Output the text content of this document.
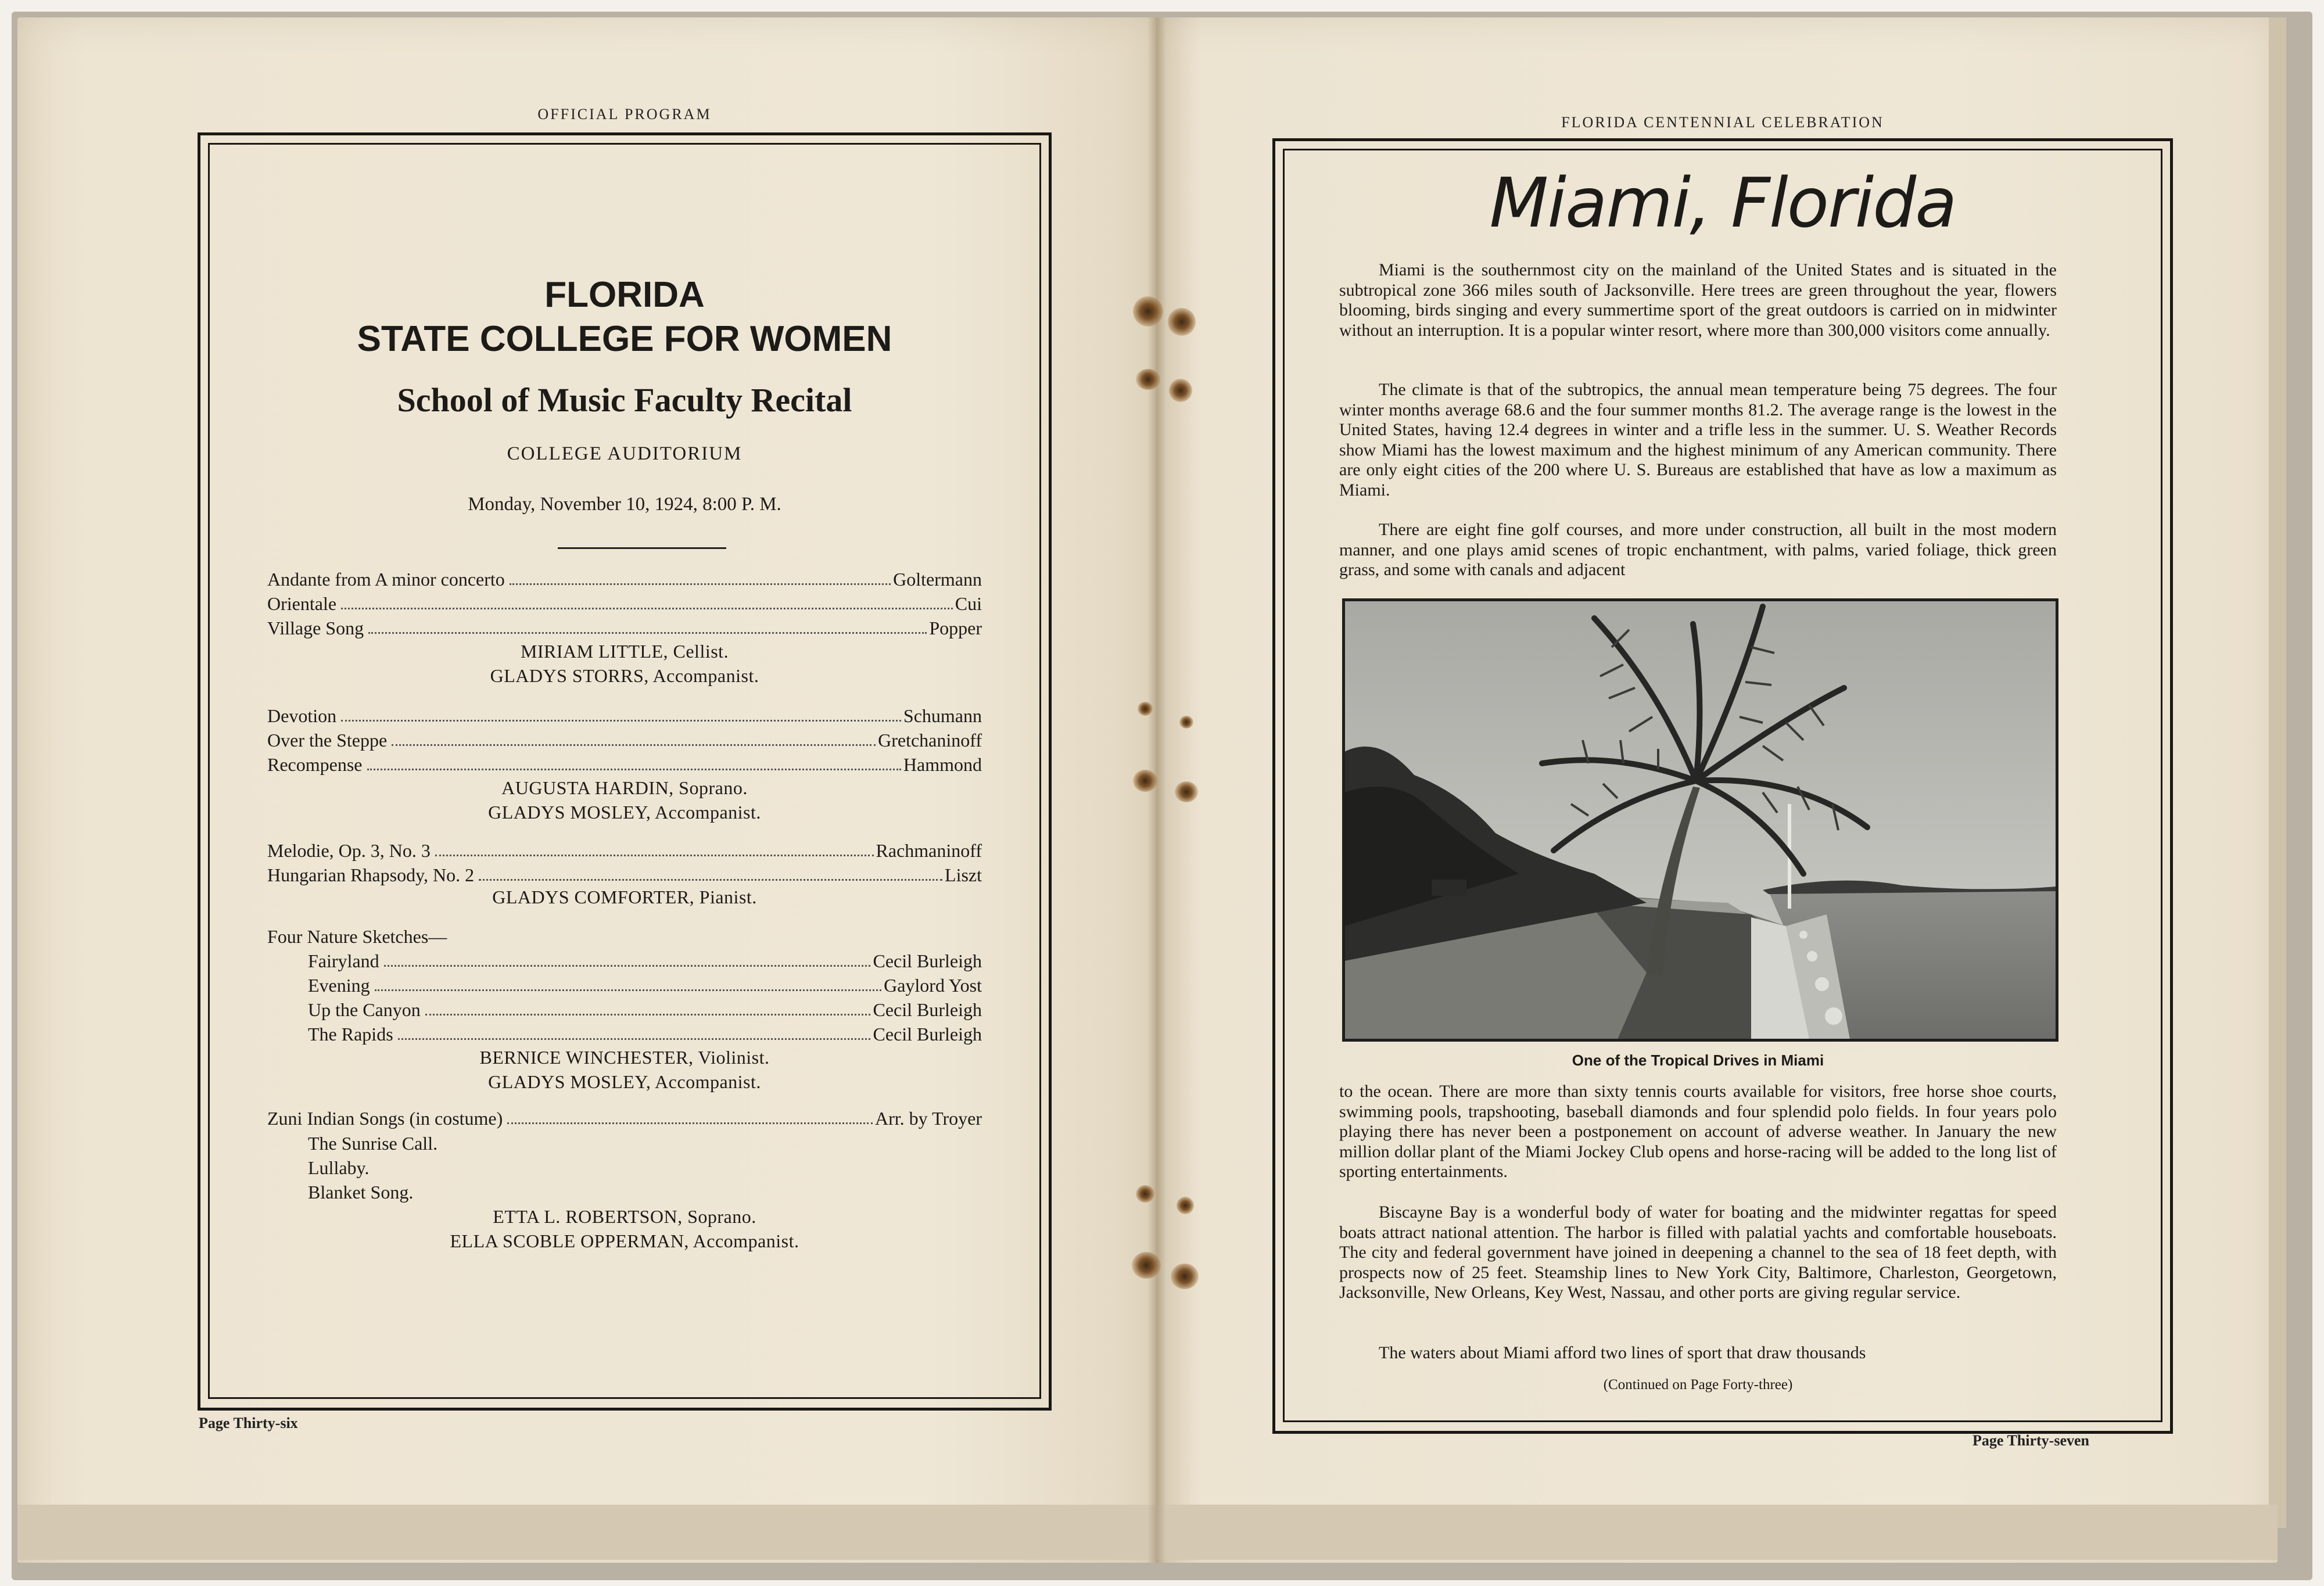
OFFICIAL PROGRAM
FLORIDA
STATE COLLEGE FOR WOMEN
School of Music Faculty Recital
COLLEGE AUDITORIUM
Monday, November 10, 1924, 8:00 P. M.
Andante from A minor concerto	Goltermann
Orientale	Cui
Village Song	Popper
MIRIAM LITTLE, Cellist.
GLADYS STORRS, Accompanist.
Devotion	Schumann
Over the Steppe	Gretchaninoff
Recompense	Hammond
AUGUSTA HARDIN, Soprano.
GLADYS MOSLEY, Accompanist.
Melodie, Op. 3, No. 3	Rachmaninoff
Hungarian Rhapsody, No. 2	Liszt
GLADYS COMFORTER, Pianist.
Four Nature Sketches—
Fairyland	Cecil Burleigh
Evening	Gaylord Yost
Up the Canyon	Cecil Burleigh
The Rapids	Cecil Burleigh
BERNICE WINCHESTER, Violinist.
GLADYS MOSLEY, Accompanist.
Zuni Indian Songs (in costume)	Arr. by Troyer
The Sunrise Call.
Lullaby.
Blanket Song.
ETTA L. ROBERTSON, Soprano.
ELLA SCOBLE OPPERMAN, Accompanist.
Page Thirty-six
FLORIDA CENTENNIAL CELEBRATION
Miami, Florida
Miami is the southernmost city on the mainland of the United States and is situated in the subtropical zone 366 miles south of Jacksonville. Here trees are green throughout the year, flowers blooming, birds singing and every summertime sport of the great outdoors is carried on in midwinter without an interruption. It is a popular winter resort, where more than 300,000 visitors come annually.
The climate is that of the subtropics, the annual mean temperature being 75 degrees. The four winter months average 68.6 and the four summer months 81.2. The average range is the lowest in the United States, having 12.4 degrees in winter and a trifle less in the summer. U. S. Weather Records show Miami has the lowest maximum and the highest minimum of any American community. There are only eight cities of the 200 where U. S. Bureaus are established that have as low a maximum as Miami.
There are eight fine golf courses, and more under construction, all built in the most modern manner, and one plays amid scenes of tropic enchantment, with palms, varied foliage, thick green grass, and some with canals and adjacent
One of the Tropical Drives in Miami
to the ocean. There are more than sixty tennis courts available for visitors, free horse shoe courts, swimming pools, trapshooting, baseball diamonds and four splendid polo fields. In four years polo playing there has never been a postponement on account of adverse weather. In January the new million dollar plant of the Miami Jockey Club opens and horse-racing will be added to the long list of sporting entertainments.
Biscayne Bay is a wonderful body of water for boating and the midwinter regattas for speed boats attract national attention. The harbor is filled with palatial yachts and comfortable houseboats. The city and federal government have joined in deepening a channel to the sea of 18 feet depth, with prospects now of 25 feet. Steamship lines to New York City, Baltimore, Charleston, Georgetown, Jacksonville, New Orleans, Key West, Nassau, and other ports are giving regular service.
The waters about Miami afford two lines of sport that draw thousands
(Continued on Page Forty-three)
Page Thirty-seven
